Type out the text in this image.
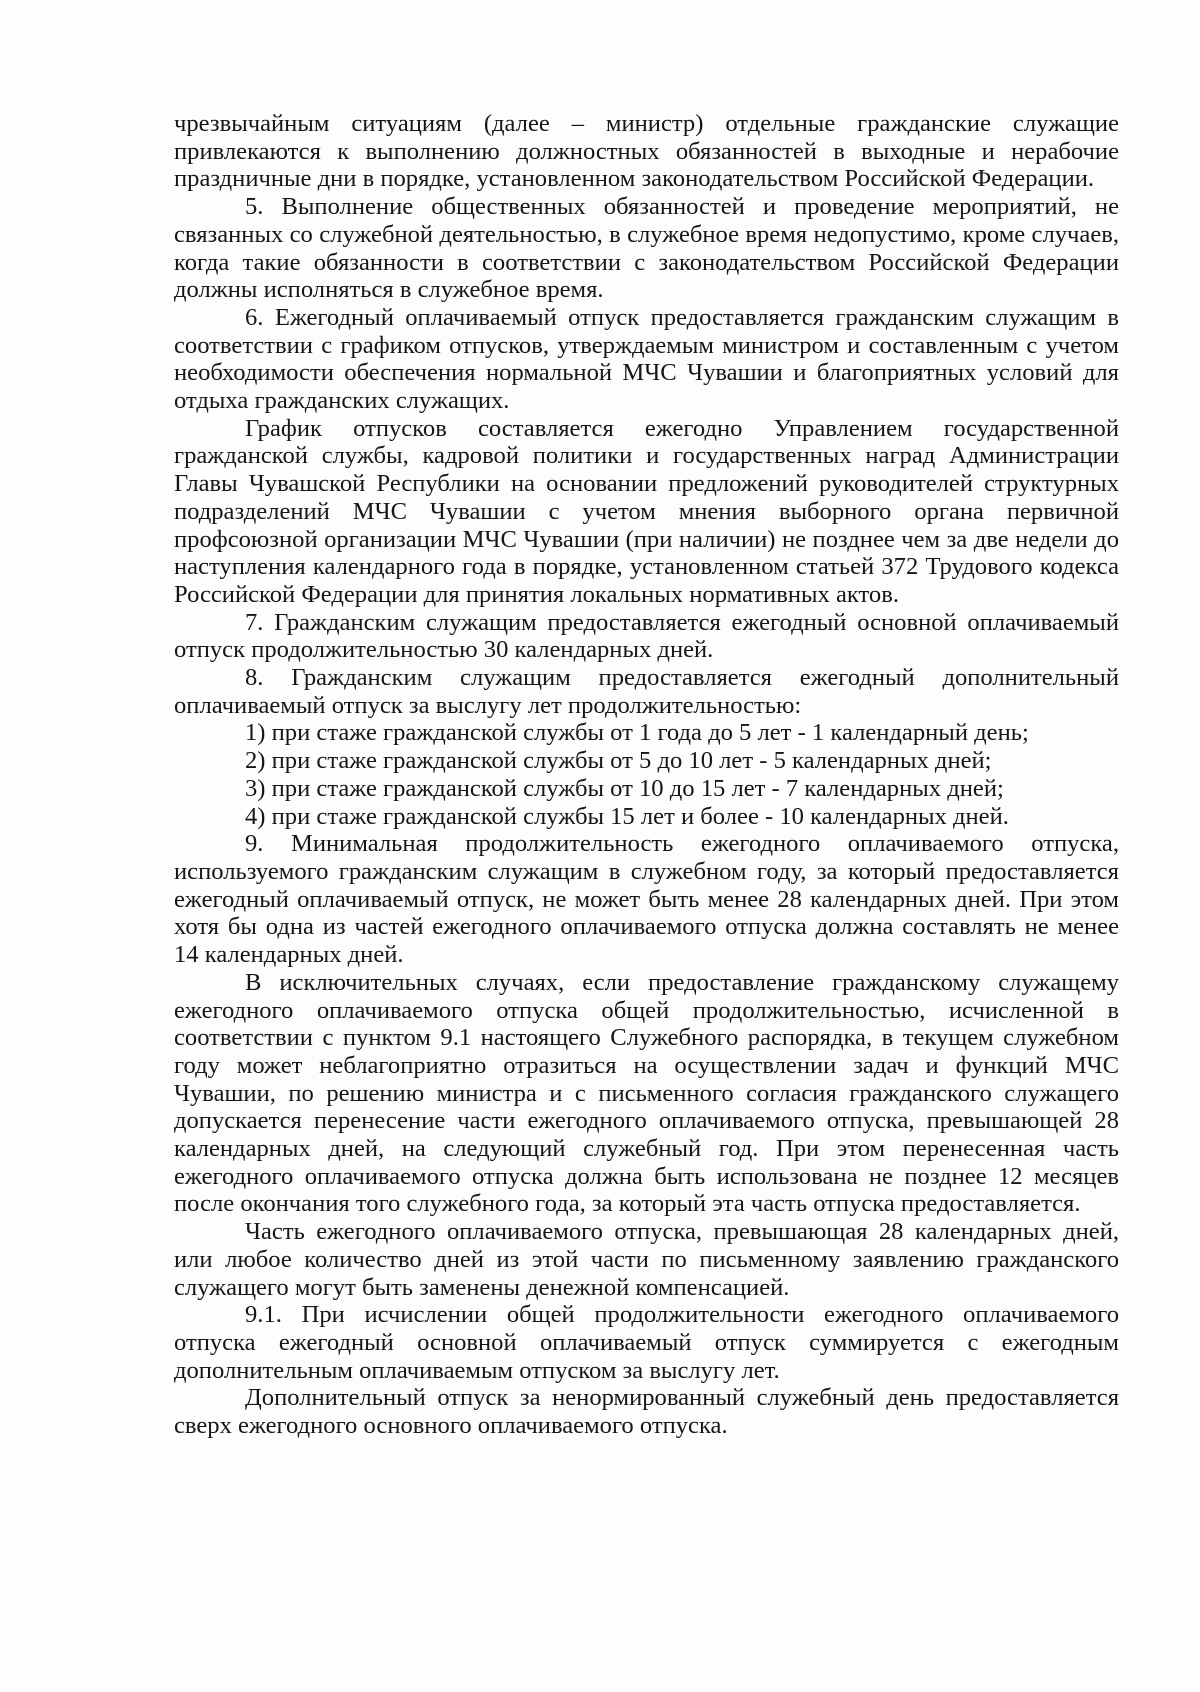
чрезвычайным ситуациям (далее – министр) отдельные гражданские служащие привлекаются к выполнению должностных обязанностей в выходные и нерабочие праздничные дни в порядке, установленном законодательством Российской Федерации.

5. Выполнение общественных обязанностей и проведение мероприятий, не связанных со служебной деятельностью, в служебное время недопустимо, кроме случаев, когда такие обязанности в соответствии с законодательством Российской Федерации должны исполняться в служебное время.

6. Ежегодный оплачиваемый отпуск предоставляется гражданским служащим в соответствии с графиком отпусков, утверждаемым министром и составленным с учетом необходимости обеспечения нормальной МЧС Чувашии и благоприятных условий для отдыха гражданских служащих.

График отпусков составляется ежегодно Управлением государственной гражданской службы, кадровой политики и государственных наград Администрации Главы Чувашской Республики на основании предложений руководителей структурных подразделений МЧС Чувашии с учетом мнения выборного органа первичной профсоюзной организации МЧС Чувашии (при наличии) не позднее чем за две недели до наступления календарного года в порядке, установленном статьей 372 Трудового кодекса Российской Федерации для принятия локальных нормативных актов.

7. Гражданским служащим предоставляется ежегодный основной оплачиваемый отпуск продолжительностью 30 календарных дней.

8. Гражданским служащим предоставляется ежегодный дополнительный оплачиваемый отпуск за выслугу лет продолжительностью:

1) при стаже гражданской службы от 1 года до 5 лет - 1 календарный день;

2) при стаже гражданской службы от 5 до 10 лет - 5 календарных дней;

3) при стаже гражданской службы от 10 до 15 лет - 7 календарных дней;

4) при стаже гражданской службы 15 лет и более - 10 календарных дней.

9. Минимальная продолжительность ежегодного оплачиваемого отпуска, используемого гражданским служащим в служебном году, за который предоставляется ежегодный оплачиваемый отпуск, не может быть менее 28 календарных дней. При этом хотя бы одна из частей ежегодного оплачиваемого отпуска должна составлять не менее 14 календарных дней.

В исключительных случаях, если предоставление гражданскому служащему ежегодного оплачиваемого отпуска общей продолжительностью, исчисленной в соответствии с пунктом 9.1 настоящего Служебного распорядка, в текущем служебном году может неблагоприятно отразиться на осуществлении задач и функций МЧС Чувашии, по решению министра и с письменного согласия гражданского служащего допускается перенесение части ежегодного оплачиваемого отпуска, превышающей 28 календарных дней, на следующий служебный год. При этом перенесенная часть ежегодного оплачиваемого отпуска должна быть использована не позднее 12 месяцев после окончания того служебного года, за который эта часть отпуска предоставляется.

Часть ежегодного оплачиваемого отпуска, превышающая 28 календарных дней, или любое количество дней из этой части по письменному заявлению гражданского служащего могут быть заменены денежной компенсацией.

9.1. При исчислении общей продолжительности ежегодного оплачиваемого отпуска ежегодный основной оплачиваемый отпуск суммируется с ежегодным дополнительным оплачиваемым отпуском за выслугу лет.

Дополнительный отпуск за ненормированный служебный день предоставляется сверх ежегодного основного оплачиваемого отпуска.
